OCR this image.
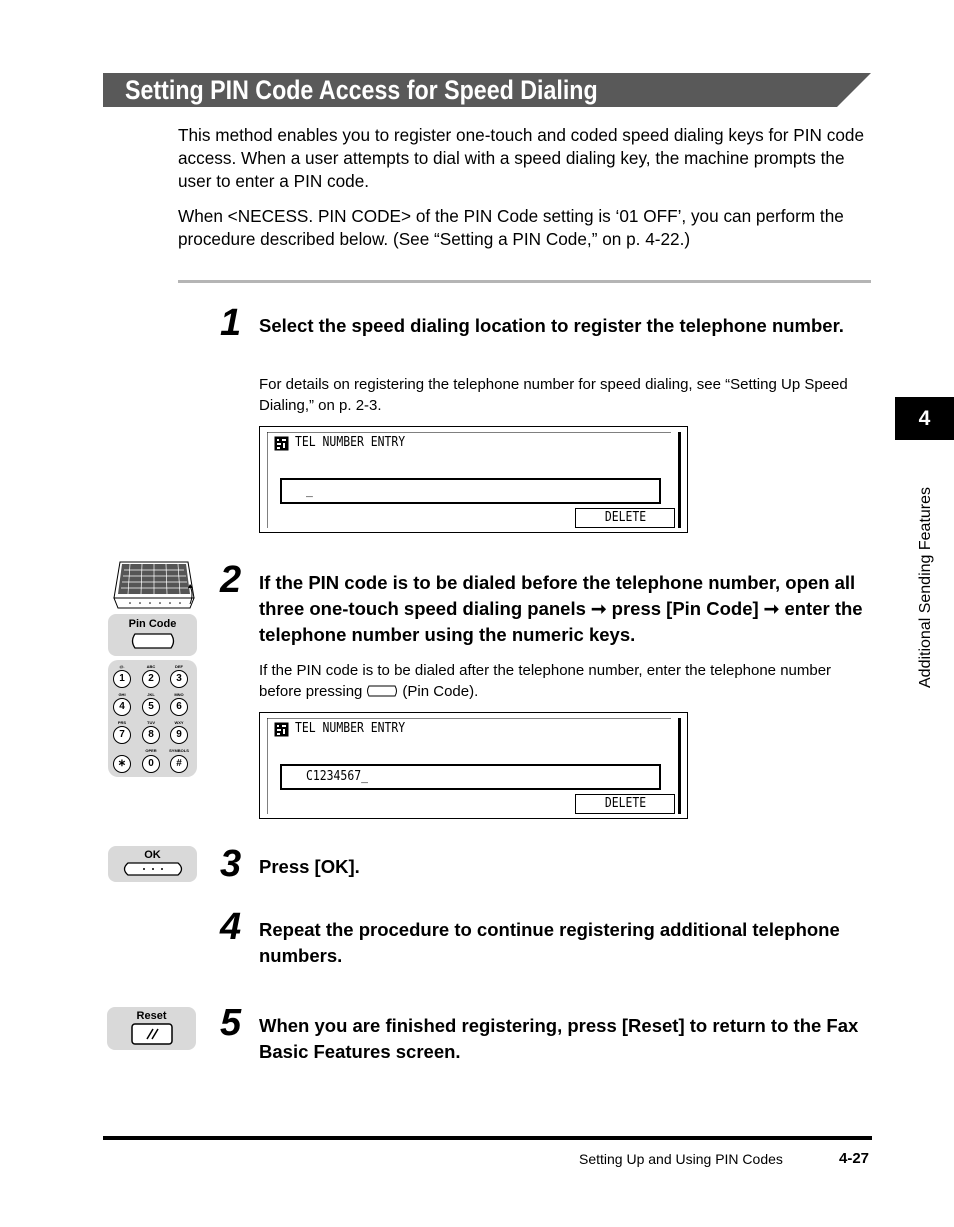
Setting PIN Code Access for Speed Dialing

This method enables you to register one-touch and coded speed dialing keys for PIN code access. When a user attempts to dial with a speed dialing key, the machine prompts the user to enter a PIN code.

When <NECESS. PIN CODE> of the PIN Code setting is ‘01 OFF’, you can perform the procedure described below. (See “Setting a PIN Code,” on p. 4-22.)

1 Select the speed dialing location to register the telephone number.

For details on registering the telephone number for speed dialing, see “Setting Up Speed Dialing,” on p. 2-3.

TEL NUMBER ENTRY
_
DELETE
Pin Code
@.	ABC	DEF
1	2	3
GHI	JKL	MNO
4	5	6
PRS	TUV	WXY
7	8	9
OPER	SYMBOLS
∗	0	#
2 If the PIN code is to be dialed before the telephone number, open all three one-touch speed dialing panels ➞ press [Pin Code] ➞ enter the telephone number using the numeric keys.

If the PIN code is to be dialed after the telephone number, enter the telephone number before pressing	(Pin Code).

TEL NUMBER ENTRY
C1234567_
DELETE
OK	3 Press [OK].

4 Repeat the procedure to continue registering additional telephone numbers.

Reset	5 When you are finished registering, press [Reset] to return to the Fax Basic Features screen.

4
Additional Sending Features
Setting Up and Using PIN Codes	4-27
